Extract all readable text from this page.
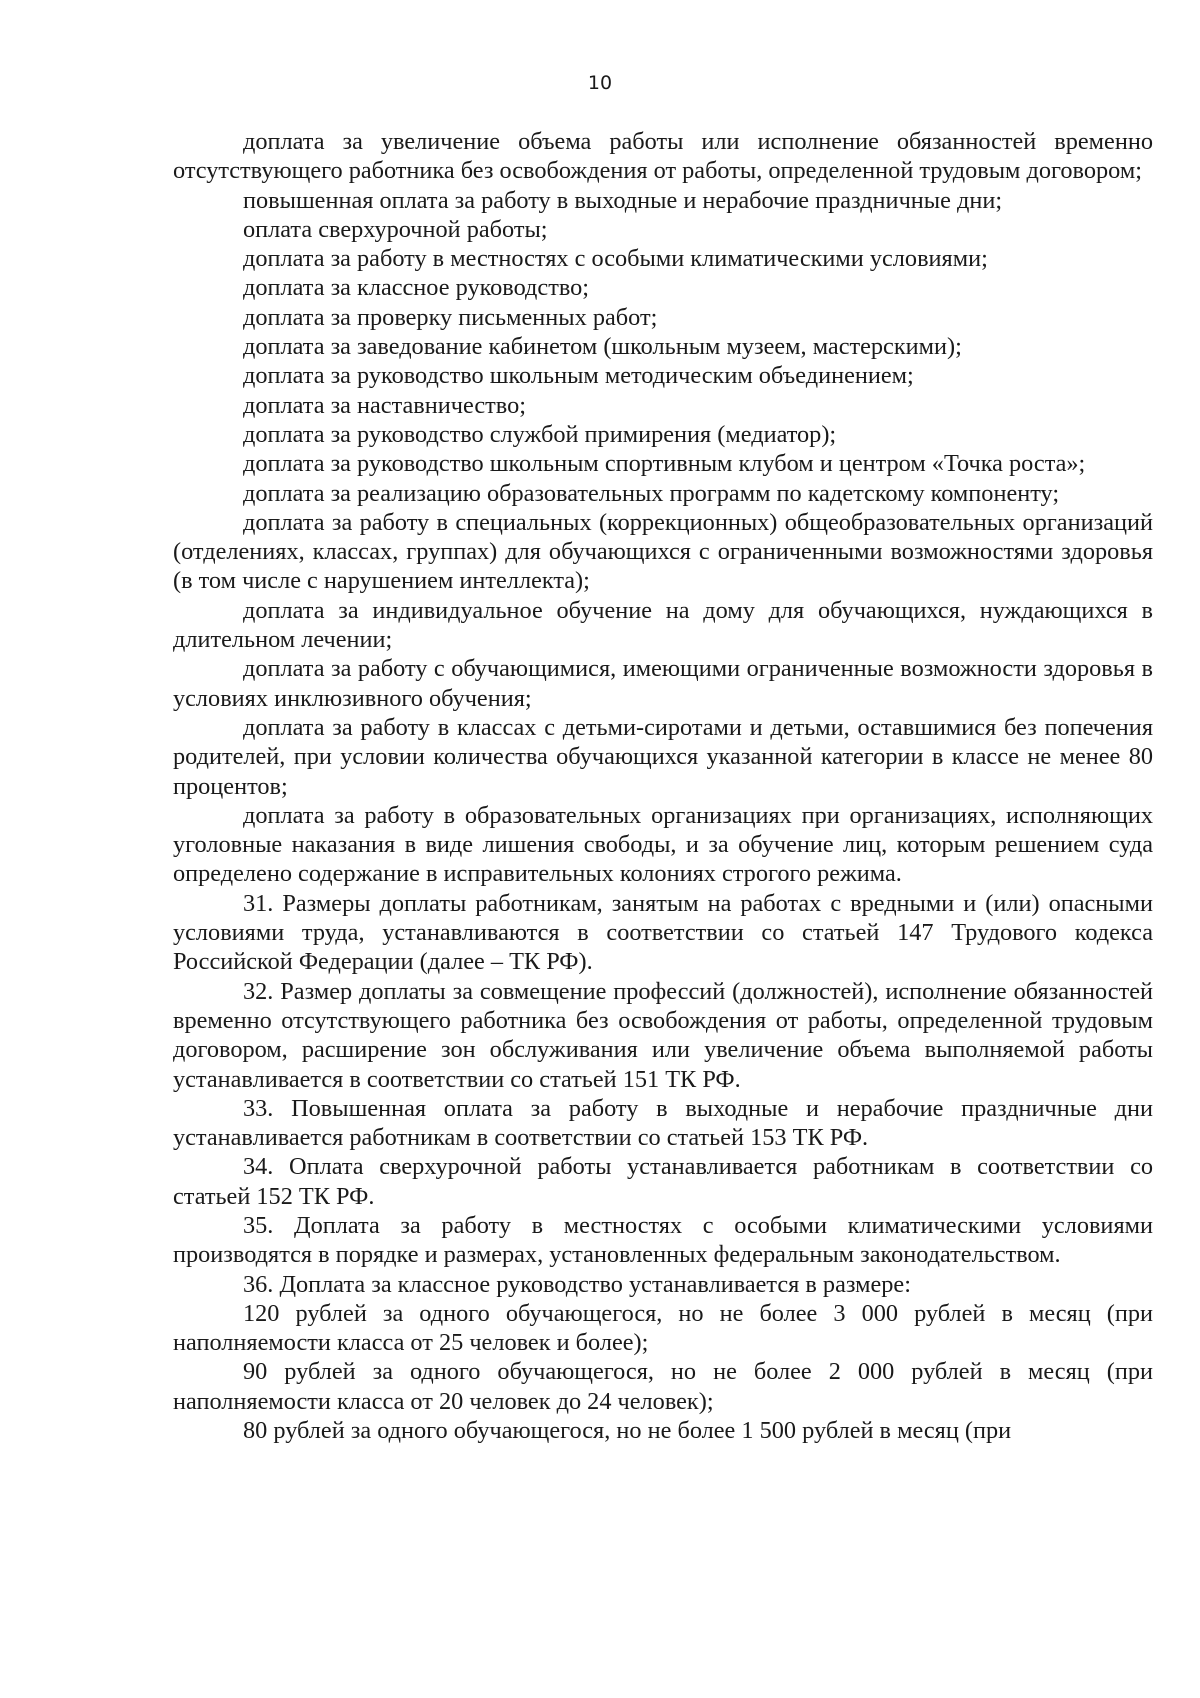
10

доплата за увеличение объема работы или исполнение обязанностей временно отсутствующего работника без освобождения от работы, определенной трудовым договором;

повышенная оплата за работу в выходные и нерабочие праздничные дни;

оплата сверхурочной работы;

доплата за работу в местностях с особыми климатическими условиями;

доплата за классное руководство;

доплата за проверку письменных работ;

доплата за заведование кабинетом (школьным музеем, мастерскими);

доплата за руководство школьным методическим объединением;

доплата за наставничество;

доплата за руководство службой примирения (медиатор);

доплата за руководство школьным спортивным клубом и центром «Точка роста»;

доплата за реализацию образовательных программ по кадетскому компоненту;

доплата за работу в специальных (коррекционных) общеобразовательных организаций (отделениях, классах, группах) для обучающихся с ограниченными возможностями здоровья (в том числе с нарушением интеллекта);

доплата за индивидуальное обучение на дому для обучающихся, нуждающихся в длительном лечении;

доплата за работу с обучающимися, имеющими ограниченные возможности здоровья в условиях инклюзивного обучения;

доплата за работу в классах с детьми-сиротами и детьми, оставшимися без попечения родителей, при условии количества обучающихся указанной категории в классе не менее 80 процентов;

доплата за работу в образовательных организациях при организациях, исполняющих уголовные наказания в виде лишения свободы, и за обучение лиц, которым решением суда определено содержание в исправительных колониях строгого режима.

31. Размеры доплаты работникам, занятым на работах с вредными и (или) опасными условиями труда, устанавливаются в соответствии со статьей 147 Трудового кодекса Российской Федерации (далее – ТК РФ).

32. Размер доплаты за совмещение профессий (должностей), исполнение обязанностей временно отсутствующего работника без освобождения от работы, определенной трудовым договором, расширение зон обслуживания или увеличение объема выполняемой работы устанавливается в соответствии со статьей 151 ТК РФ.

33. Повышенная оплата за работу в выходные и нерабочие праздничные дни устанавливается работникам в соответствии со статьей 153 ТК РФ.

34. Оплата сверхурочной работы устанавливается работникам в соответствии со статьей 152 ТК РФ.

35. Доплата за работу в местностях с особыми климатическими условиями производятся в порядке и размерах, установленных федеральным законодательством.

36. Доплата за классное руководство устанавливается в размере:

120 рублей за одного обучающегося, но не более 3 000 рублей в месяц (при наполняемости класса от 25 человек и более);

90 рублей за одного обучающегося, но не более 2 000 рублей в месяц (при наполняемости класса от 20 человек до 24 человек);

80 рублей за одного обучающегося, но не более 1 500 рублей в месяц (при
